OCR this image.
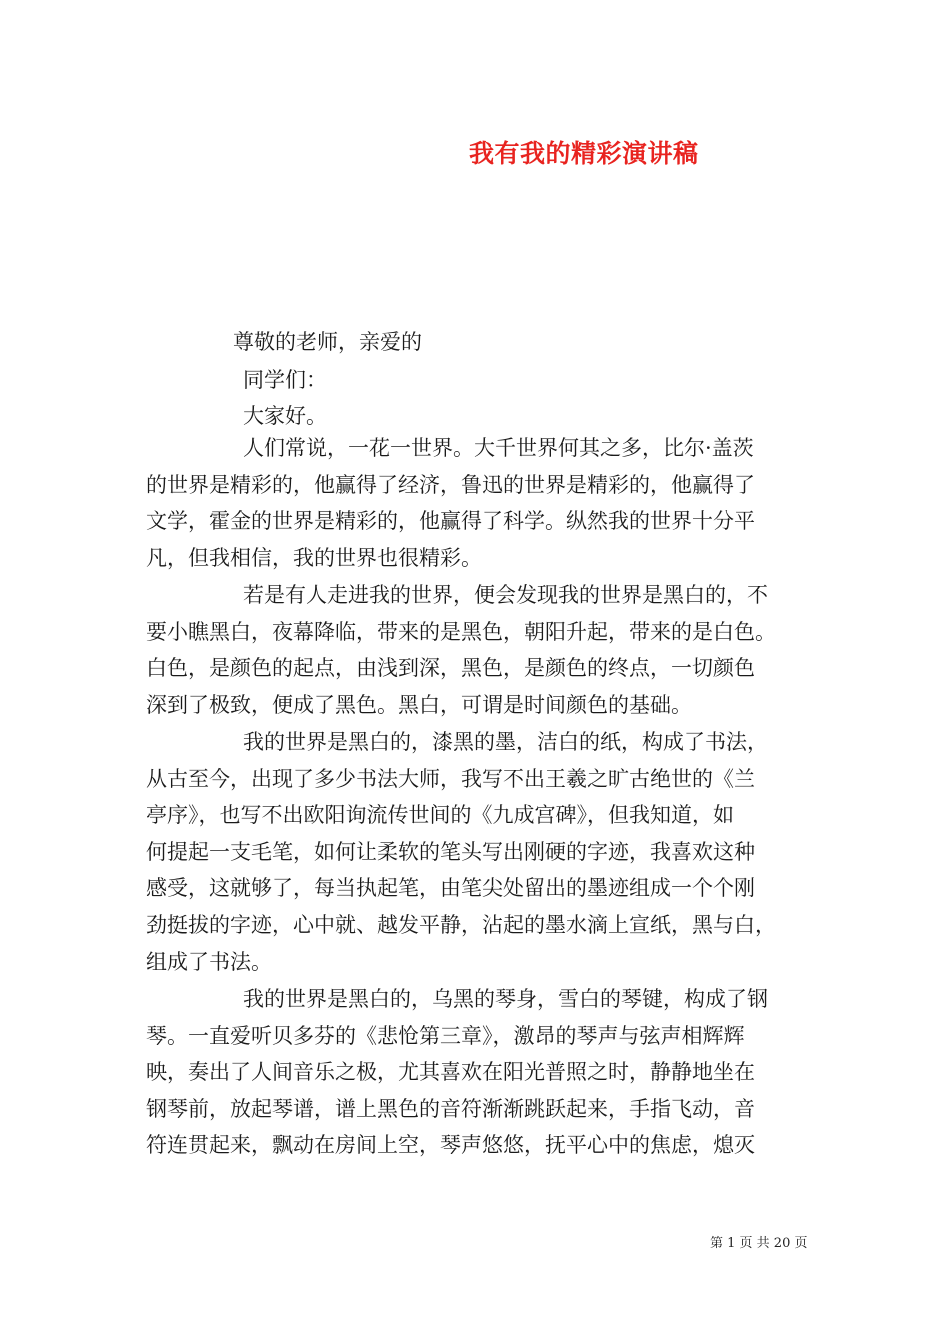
我有我的精彩演讲稿
尊敬的老师，亲爱的
同学们：
大家好。
人们常说，一花一世界。大千世界何其之多，比尔·盖茨
的世界是精彩的，他赢得了经济，鲁迅的世界是精彩的，他赢得了
文学，霍金的世界是精彩的，他赢得了科学。纵然我的世界十分平
凡，但我相信，我的世界也很精彩。
若是有人走进我的世界，便会发现我的世界是黑白的，不
要小瞧黑白，夜幕降临，带来的是黑色，朝阳升起，带来的是白色。
白色，是颜色的起点，由浅到深，黑色，是颜色的终点，一切颜色
深到了极致，便成了黑色。黑白，可谓是时间颜色的基础。
我的世界是黑白的，漆黑的墨，洁白的纸，构成了书法，
从古至今，出现了多少书法大师，我写不出王羲之旷古绝世的《兰
亭序》，也写不出欧阳询流传世间的《九成宫碑》，但我知道，如
何提起一支毛笔，如何让柔软的笔头写出刚硬的字迹，我喜欢这种
感受，这就够了，每当执起笔，由笔尖处留出的墨迹组成一个个刚
劲挺拔的字迹，心中就、越发平静，沾起的墨水滴上宣纸，黑与白，
组成了书法。
我的世界是黑白的，乌黑的琴身，雪白的琴键，构成了钢
琴。一直爱听贝多芬的《悲怆第三章》，激昂的琴声与弦声相辉辉
映，奏出了人间音乐之极，尤其喜欢在阳光普照之时，静静地坐在
钢琴前，放起琴谱，谱上黑色的音符渐渐跳跃起来，手指飞动，音
符连贯起来，飘动在房间上空，琴声悠悠，抚平心中的焦虑，熄灭
第 1 页 共 20 页
